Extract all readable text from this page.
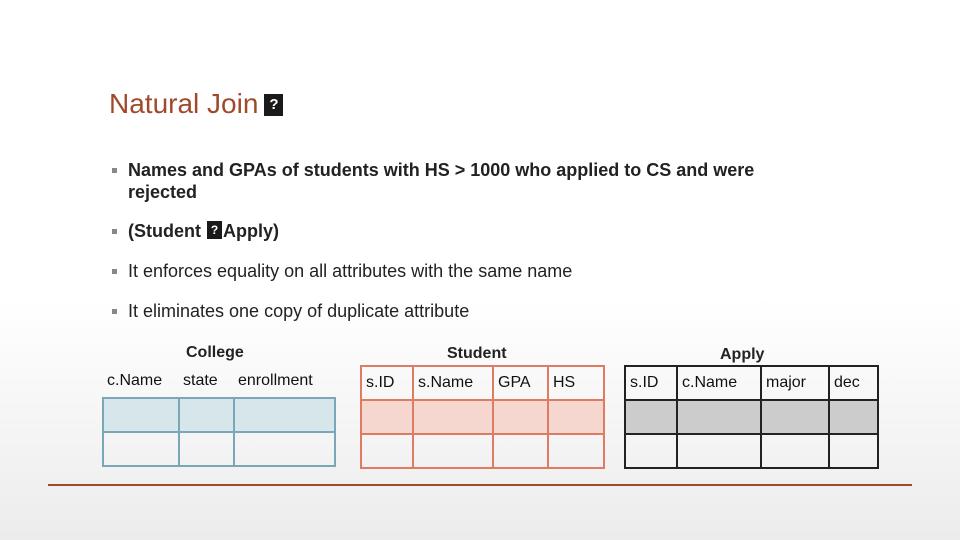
Natural Join?
Names and GPAs of students with HS > 1000 who applied to CS and were rejected
(Student ?Apply)
It enforces equality on all attributes with the same name
It eliminates one copy of duplicate attribute
College
c.Name	state	enrollment

Student
s.ID	s.Name	GPA	HS

Apply
s.ID	c.Name	major	dec
